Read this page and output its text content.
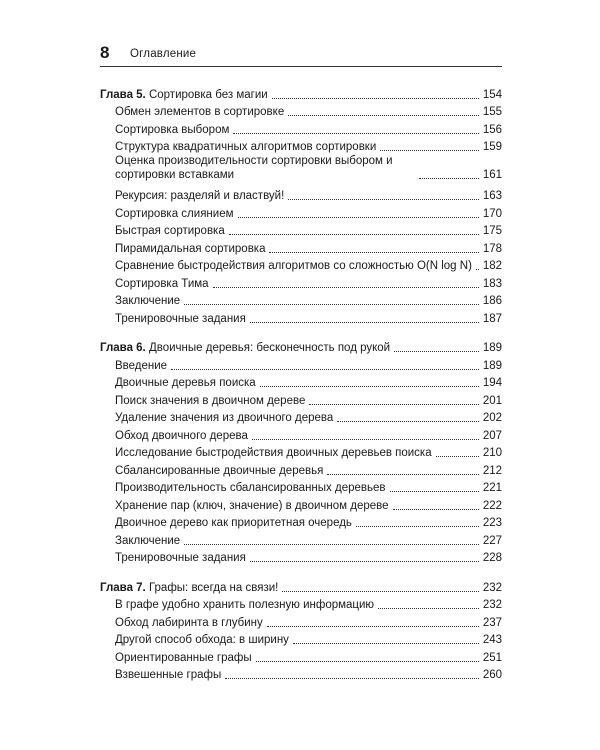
8 Оглавление
Глава 5. Сортировка без магии	154
Обмен элементов в сортировке	155
Сортировка выбором	156
Структура квадратичных алгоритмов сортировки	159
Оценка производительности сортировки выбором и сортировки вставками	161
Рекурсия: разделяй и властвуй!	163
Сортировка слиянием	170
Быстрая сортировка	175
Пирамидальная сортировка	178
Сравнение быстродействия алгоритмов со сложностью O(N log N) 182
Сортировка Тима	183
Заключение	186
Тренировочные задания	187
Глава 6. Двоичные деревья: бесконечность под рукой	189
Введение	189
Двоичные деревья поиска	194
Поиск значения в двоичном дереве	201
Удаление значения из двоичного дерева	202
Обход двоичного дерева	207
Исследование быстродействия двоичных деревьев поиска	210
Сбалансированные двоичные деревья	212
Производительность сбалансированных деревьев	221
Хранение пар (ключ, значение) в двоичном дереве	222
Двоичное дерево как приоритетная очередь	223
Заключение	227
Тренировочные задания	228
Глава 7. Графы: всегда на связи!	232
В графе удобно хранить полезную информацию	232
Обход лабиринта в глубину	237
Другой способ обхода: в ширину	243
Ориентированные графы	251
Взвешенные графы	260
